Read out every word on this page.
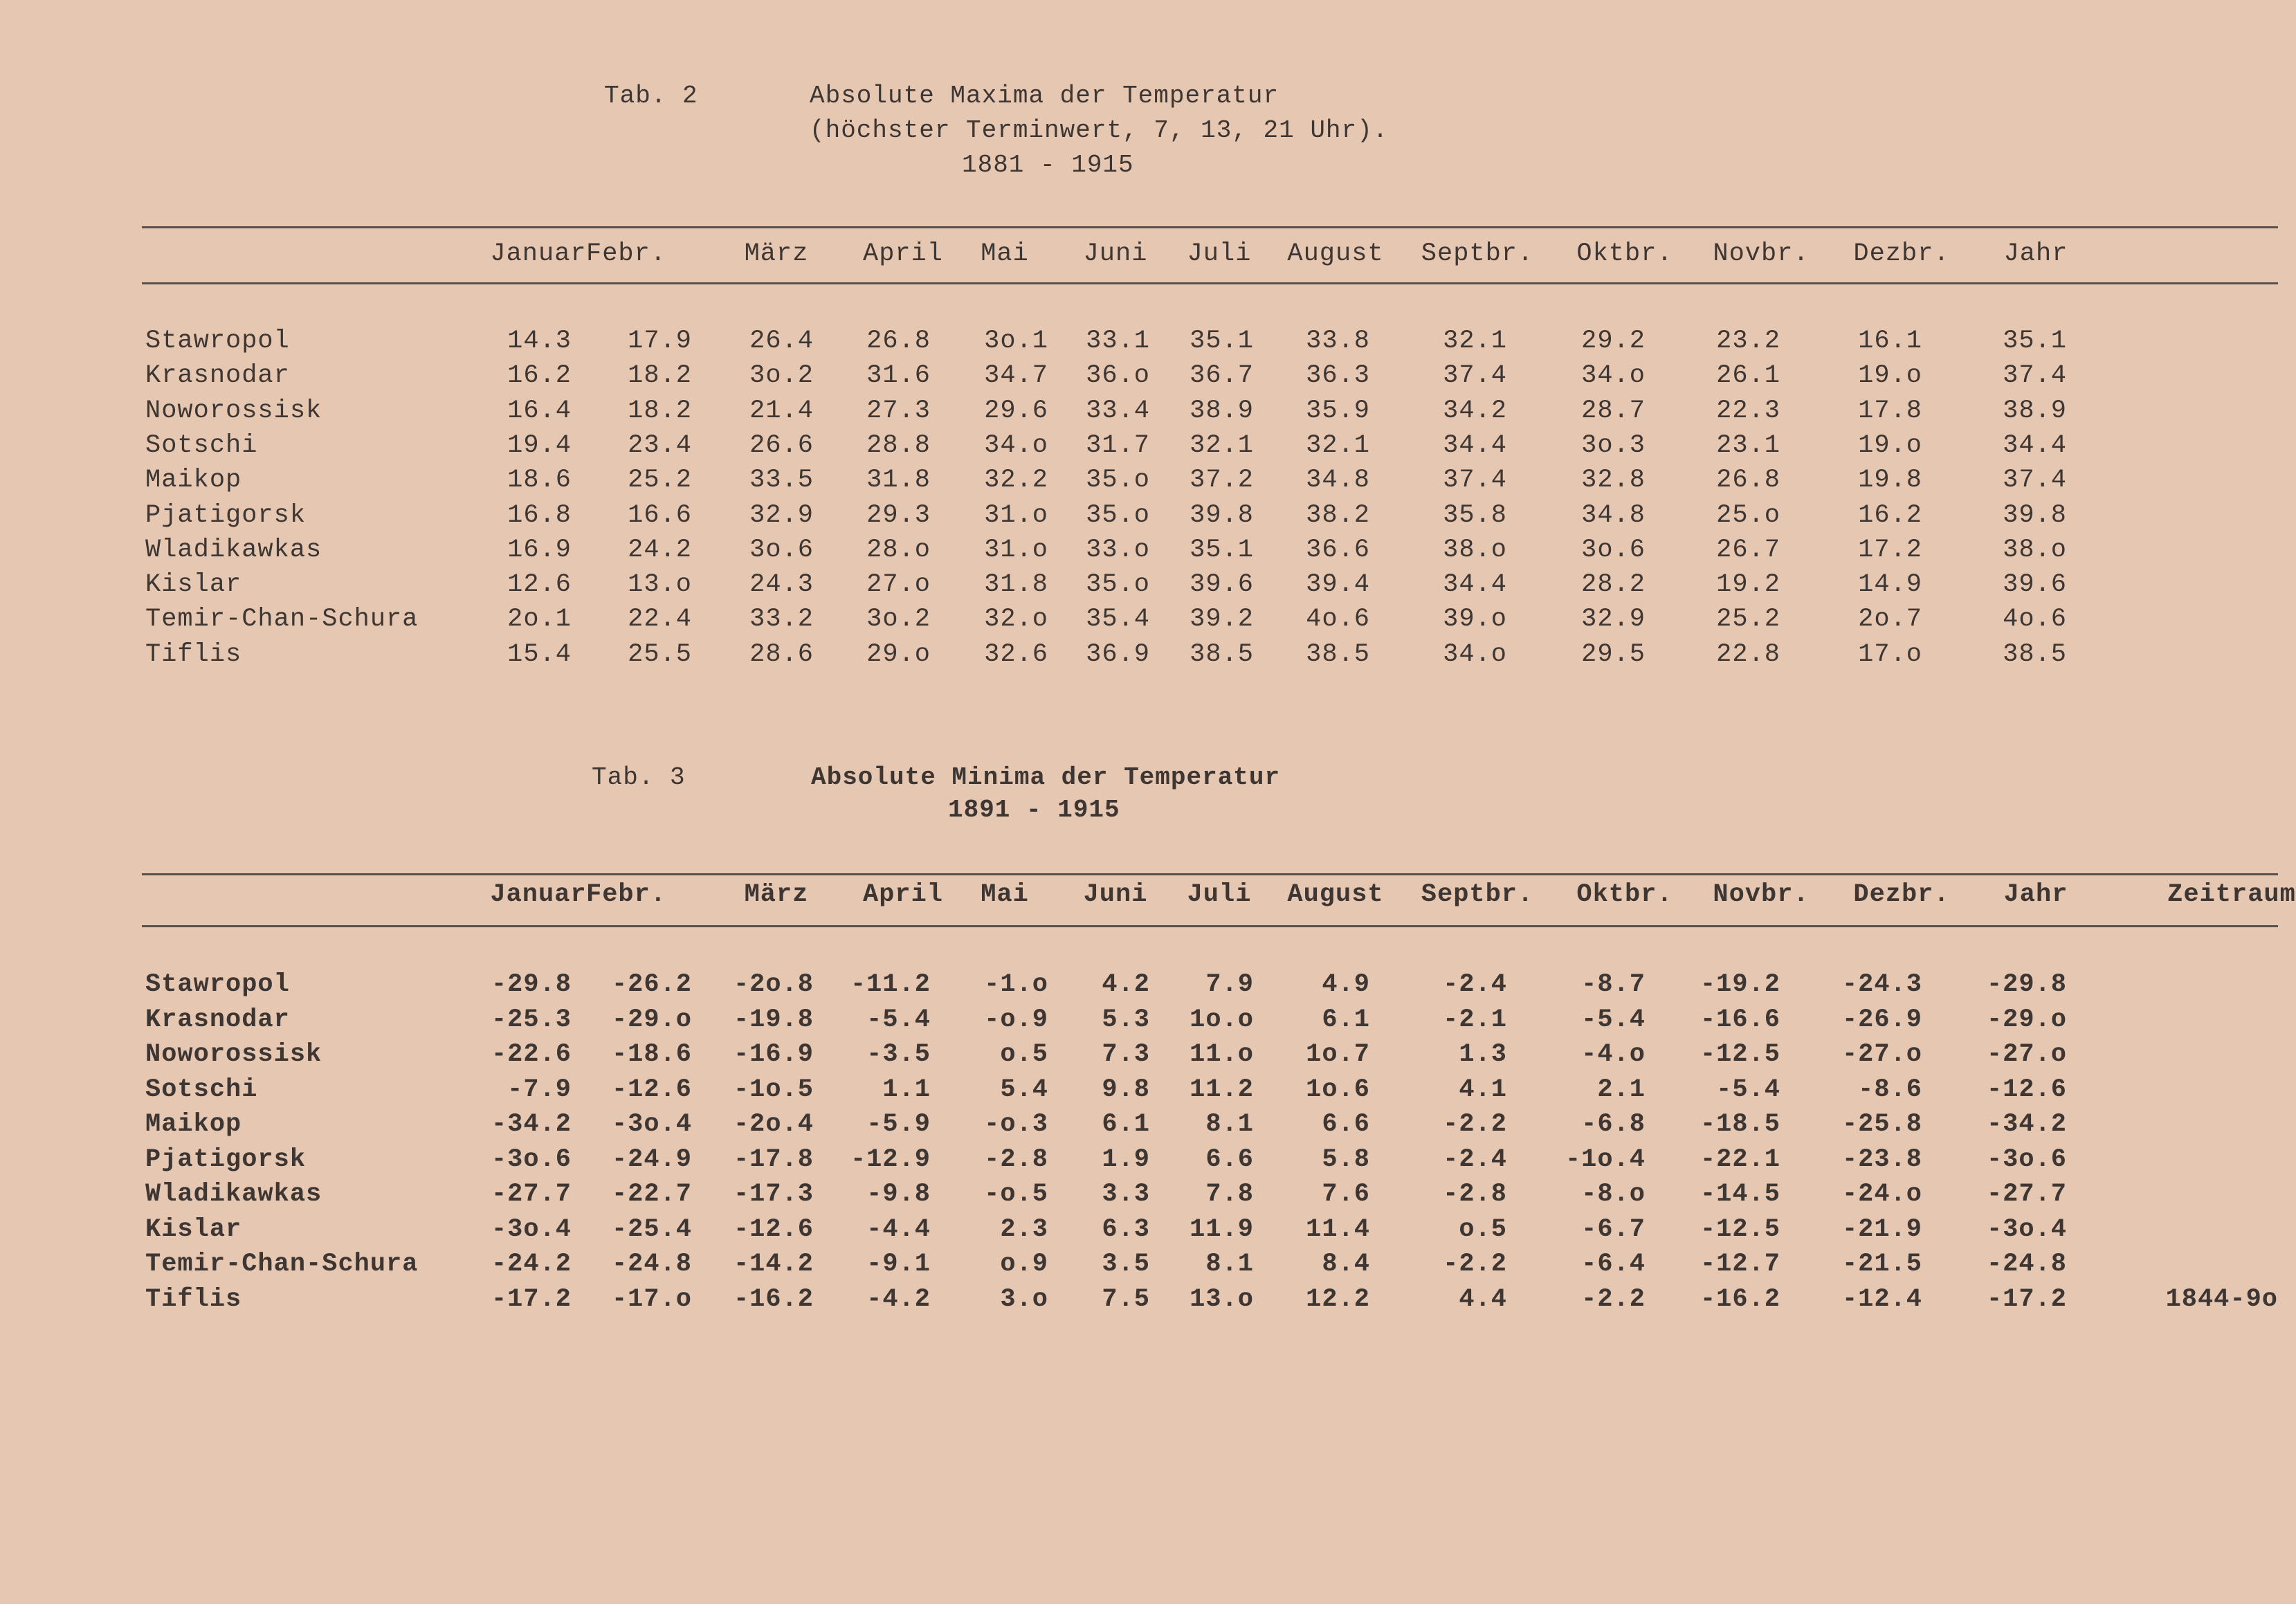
Tab. 2	Absolute Maxima der Temperatur
(höchster Terminwert, 7, 13, 21 Uhr).
1881 - 1915
Januar Febr.	März April Mai Juni Juli August Septbr. Oktbr. Novbr. Dezbr. Jahr
Stawropol	14.3 17.9 26.4 26.8 3o.1 33.1 35.1 33.8	32.1	29.2	23.2	16.1	35.1
Krasnodar	16.2 18.2 3o.2 31.6 34.7 36.o 36.7 36.3	37.4	34.o	26.1	19.o	37.4
Noworossisk	16.4 18.2 21.4 27.3 29.6 33.4 38.9 35.9	34.2	28.7	22.3	17.8	38.9
Sotschi	19.4 23.4 26.6 28.8 34.o 31.7 32.1 32.1	34.4	3o.3	23.1	19.o	34.4
Maikop	18.6 25.2 33.5 31.8 32.2 35.o 37.2 34.8	37.4	32.8	26.8	19.8	37.4
Pjatigorsk	16.8 16.6 32.9 29.3 31.o 35.o 39.8 38.2	35.8	34.8	25.o	16.2	39.8
Wladikawkas	16.9 24.2 3o.6 28.o 31.o 33.o 35.1 36.6	38.o	3o.6	26.7	17.2	38.o
Kislar	12.6 13.o 24.3 27.o 31.8 35.o 39.6 39.4	34.4	28.2	19.2	14.9	39.6
Temir-Chan-Schura	2o.1 22.4 33.2 3o.2 32.o 35.4 39.2 4o.6	39.o	32.9	25.2	2o.7	4o.6
Tiflis	15.4 25.5 28.6 29.o 32.6 36.9 38.5 38.5	34.o	29.5	22.8	17.o	38.5
Tab. 3	Absolute Minima der Temperatur
1891 - 1915
Januar Febr.	März April Mai Juni Juli August Septbr. Oktbr. Novbr. Dezbr. Jahr	Zeitraum
Stawropol	-29.8 -26.2 -2o.8 -11.2 -1.o 4.2 7.9	4.9	-2.4	-8.7 -19.2 -24.3	-29.8
Krasnodar	-25.3 -29.o -19.8 -5.4 -o.9 5.3 1o.o	6.1	-2.1	-5.4 -16.6 -26.9	-29.o
Noworossisk	-22.6 -18.6 -16.9 -3.5	o.5 7.3 11.o 1o.7	1.3	-4.o -12.5 -27.o	-27.o
Sotschi	-7.9 -12.6 -1o.5	1.1	5.4 9.8 11.2 1o.6	4.1	2.1	-5.4	-8.6	-12.6
Maikop	-34.2 -3o.4 -2o.4 -5.9 -o.3 6.1 8.1	6.6	-2.2	-6.8 -18.5 -25.8	-34.2
Pjatigorsk	-3o.6 -24.9 -17.8 -12.9 -2.8 1.9 6.6	5.8	-2.4 -1o.4 -22.1 -23.8	-3o.6
Wladikawkas	-27.7 -22.7 -17.3 -9.8 -o.5 3.3 7.8	7.6	-2.8	-8.o -14.5 -24.o	-27.7
Kislar	-3o.4 -25.4 -12.6 -4.4	2.3 6.3 11.9 11.4	o.5	-6.7 -12.5 -21.9	-3o.4
Temir-Chan-Schura	-24.2 -24.8 -14.2 -9.1	o.9 3.5 8.1	8.4	-2.2	-6.4 -12.7 -21.5	-24.8
Tiflis	-17.2 -17.o -16.2 -4.2	3.o 7.5 13.o 12.2	4.4	-2.2 -16.2 -12.4	-17.2	1844-9o
